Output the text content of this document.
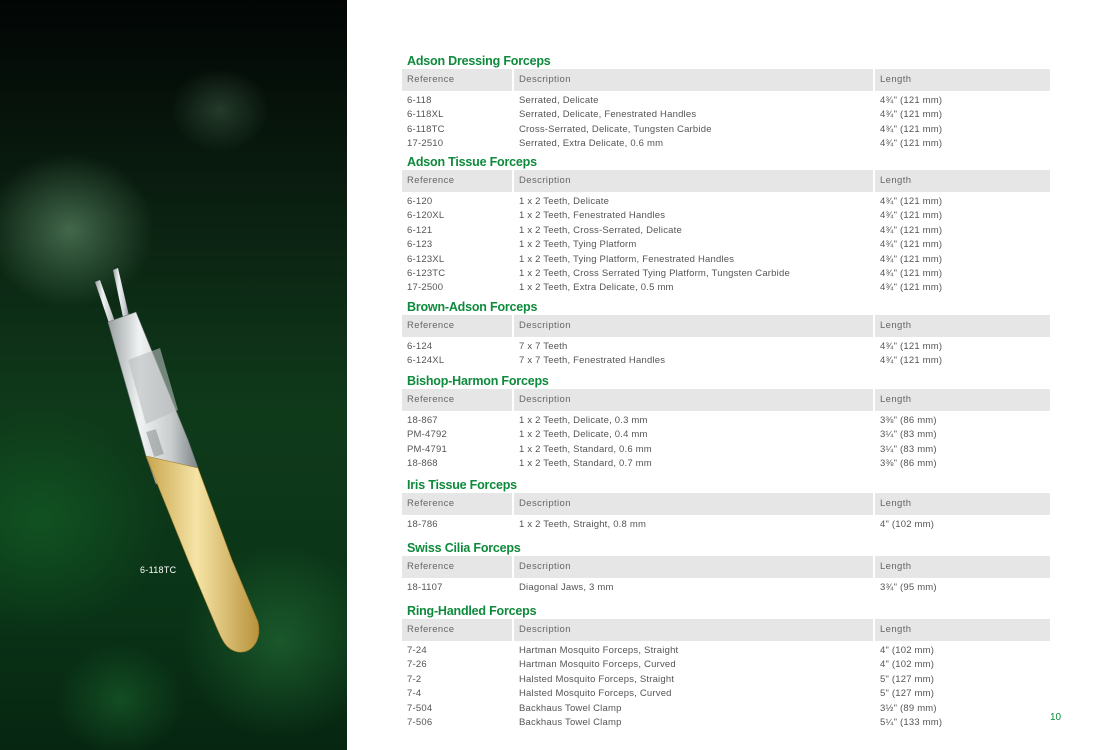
6-118TC
Adson Dressing Forceps
Reference	Description	Length
6-118	Serrated, Delicate	4¾" (121 mm)
6-118XL	Serrated, Delicate, Fenestrated Handles	4¾" (121 mm)
6-118TC	Cross-Serrated, Delicate, Tungsten Carbide	4¾" (121 mm)
17-2510	Serrated, Extra Delicate, 0.6 mm	4¾" (121 mm)
Adson Tissue Forceps
Reference	Description	Length
6-120	1 x 2 Teeth, Delicate	4¾" (121 mm)
6-120XL	1 x 2 Teeth, Fenestrated Handles	4¾" (121 mm)
6-121	1 x 2 Teeth, Cross-Serrated, Delicate	4¾" (121 mm)
6-123	1 x 2 Teeth, Tying Platform	4¾" (121 mm)
6-123XL	1 x 2 Teeth, Tying Platform, Fenestrated Handles	4¾" (121 mm)
6-123TC	1 x 2 Teeth, Cross Serrated Tying Platform, Tungsten Carbide	4¾" (121 mm)
17-2500	1 x 2 Teeth, Extra Delicate, 0.5 mm	4¾" (121 mm)
Brown-Adson Forceps
Reference	Description	Length
6-124	7 x 7 Teeth	4¾" (121 mm)
6-124XL	7 x 7 Teeth, Fenestrated Handles	4¾" (121 mm)
Bishop-Harmon Forceps
Reference	Description	Length
18-867	1 x 2 Teeth, Delicate, 0.3 mm	3⅜" (86 mm)
PM-4792	1 x 2 Teeth, Delicate, 0.4 mm	3¼" (83 mm)
PM-4791	1 x 2 Teeth, Standard, 0.6 mm	3¼" (83 mm)
18-868	1 x 2 Teeth, Standard, 0.7 mm	3⅜" (86 mm)
Iris Tissue Forceps
Reference	Description	Length
18-786	1 x 2 Teeth, Straight, 0.8 mm	4" (102 mm)
Swiss Cilia Forceps
Reference	Description	Length
18-1107	Diagonal Jaws, 3 mm	3¾" (95 mm)
Ring-Handled Forceps
Reference	Description	Length
7-24	Hartman Mosquito Forceps, Straight	4" (102 mm)
7-26	Hartman Mosquito Forceps, Curved	4" (102 mm)
7-2	Halsted Mosquito Forceps, Straight	5" (127 mm)
7-4	Halsted Mosquito Forceps, Curved	5" (127 mm)
7-504	Backhaus Towel Clamp	3½" (89 mm)
7-506	Backhaus Towel Clamp	5¼" (133 mm)	10
